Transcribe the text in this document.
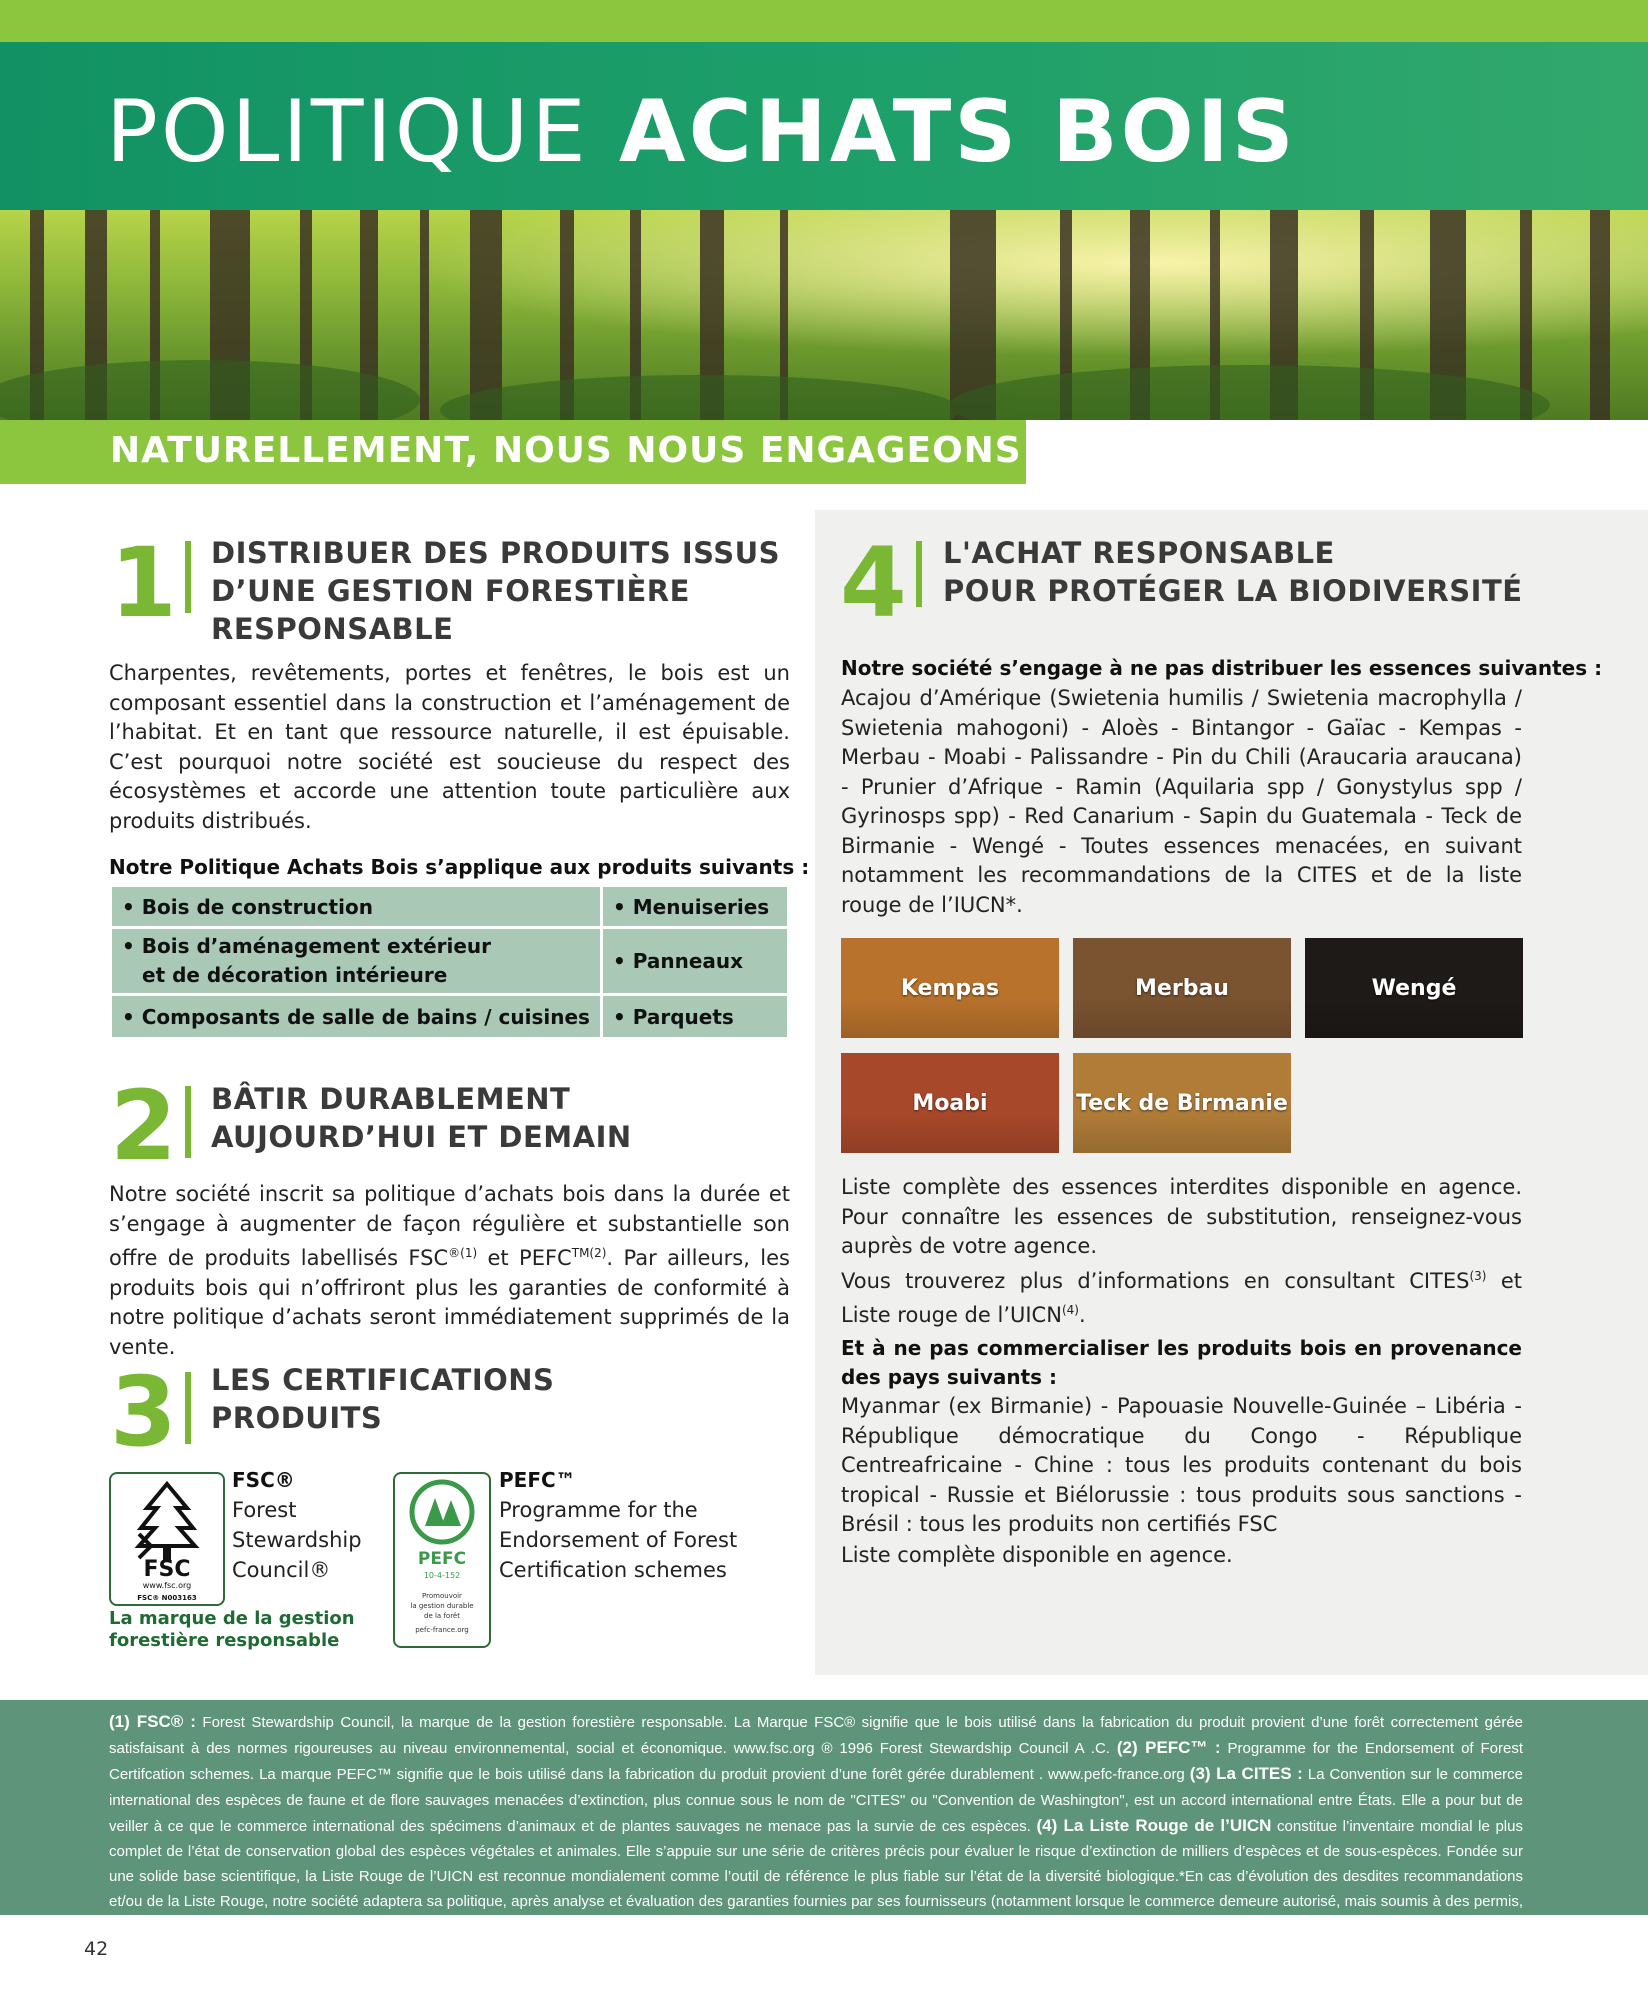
POLITIQUE ACHATS BOIS
NATURELLEMENT, NOUS NOUS ENGAGEONS À :
1 DISTRIBUER DES PRODUITS ISSUS
D’UNE GESTION FORESTIÈRE
RESPONSABLE
Charpentes, revêtements, portes et fenêtres, le bois est un composant essentiel dans la construction et l’aménagement de l’habitat. Et en tant que ressource naturelle, il est épuisable. C’est pourquoi notre société est soucieuse du respect des écosystèmes et accorde une attention toute particulière aux produits distribués.
Notre Politique Achats Bois s’applique aux produits suivants :
• Bois de construction	• Menuiseries

• Bois d’aménagement extérieur
et de décoration intérieure	• Panneaux
• Composants de salle de bains / cuisines	• Parquets
2 BÂTIR DURABLEMENT
AUJOURD’HUI ET DEMAIN
Notre société inscrit sa politique d’achats bois dans la durée et s’engage à augmenter de façon régulière et substantielle son offre de produits labellisés $FSC^{®(1)}$ et $PEFC^{TM(2)}$. Par ailleurs, les produits bois qui n’offriront plus les garanties de conformité à notre politique d’achats seront immédiatement supprimés de la vente.
3 LES CERTIFICATIONS
PRODUITS
FSC
www.fsc.org
FSC® N003163
FSC®
Forest
Stewardship
Council®
La marque de la gestion
forestière responsable
PEFC
10-4-152
Promouvoir
la gestion durable
de la forêt
pefc-france.org
PEFC™
Programme for the
Endorsement of Forest
Certification schemes
4 L'ACHAT RESPONSABLE
POUR PROTÉGER LA BIODIVERSITÉ
Notre société s’engage à ne pas distribuer les essences suivantes :
Acajou d’Amérique (Swietenia humilis / Swietenia macrophylla / Swietenia mahogoni) - Aloès - Bintangor - Gaïac - Kempas - Merbau - Moabi - Palissandre - Pin du Chili (Araucaria araucana) - Prunier d’Afrique - Ramin (Aquilaria spp / Gonystylus spp / Gyrinosps spp) - Red Canarium - Sapin du Guatemala - Teck de Birmanie - Wengé - Toutes essences menacées, en suivant notamment les recommandations de la CITES et de la liste rouge de l’IUCN*.
Kempas	Merbau	Wengé
Moabi	Teck de Birmanie
Liste complète des essences interdites disponible en agence. Pour connaître les essences de substitution, renseignez-vous auprès de votre agence.
Vous trouverez plus d’informations en consultant CITES$^{(3)}$ et Liste rouge de l’UICN$^{(4)}$.
Et à ne pas commercialiser les produits bois en provenance des pays suivants :
Myanmar (ex Birmanie) - Papouasie Nouvelle-Guinée – Libéria - République démocratique du Congo - République Centreafricaine - Chine : tous les produits contenant du bois tropical - Russie et Biélorussie : tous produits sous sanctions - Brésil : tous les produits non certifiés FSC
Liste complète disponible en agence.
(1) FSC® : Forest Stewardship Council, la marque de la gestion forestière responsable. La Marque FSC® signifie que le bois utilisé dans la fabrication du produit provient d’une forêt correctement gérée satisfaisant à des normes rigoureuses au niveau environnemental, social et économique. www.fsc.org ® 1996 Forest Stewardship Council A .C. (2) PEFC™ : Programme for the Endorsement of Forest Certifcation schemes. La marque PEFC™ signifie que le bois utilisé dans la fabrication du produit provient d’une forêt gérée durablement . www.pefc-france.org (3) La CITES : La Convention sur le commerce international des espèces de faune et de flore sauvages menacées d’extinction, plus connue sous le nom de "CITES" ou "Convention de Washington", est un accord international entre États. Elle a pour but de veiller à ce que le commerce international des spécimens d’animaux et de plantes sauvages ne menace pas la survie de ces espèces. (4) La Liste Rouge de l’UICN constitue l’inventaire mondial le plus complet de l’état de conservation global des espèces végétales et animales. Elle s’appuie sur une série de critères précis pour évaluer le risque d’extinction de milliers d’espèces et de sous-espèces. Fondée sur une solide base scientifique, la Liste Rouge de l’UICN est reconnue mondialement comme l’outil de référence le plus fiable sur l’état de la diversité biologique.*En cas d’évolution des desdites recommandations et/ou de la Liste Rouge, notre société adaptera sa politique, après analyse et évaluation des garanties fournies par ses fournisseurs (notamment lorsque le commerce demeure autorisé, mais soumis à des permis, certifications, autorisations, etc).
42
